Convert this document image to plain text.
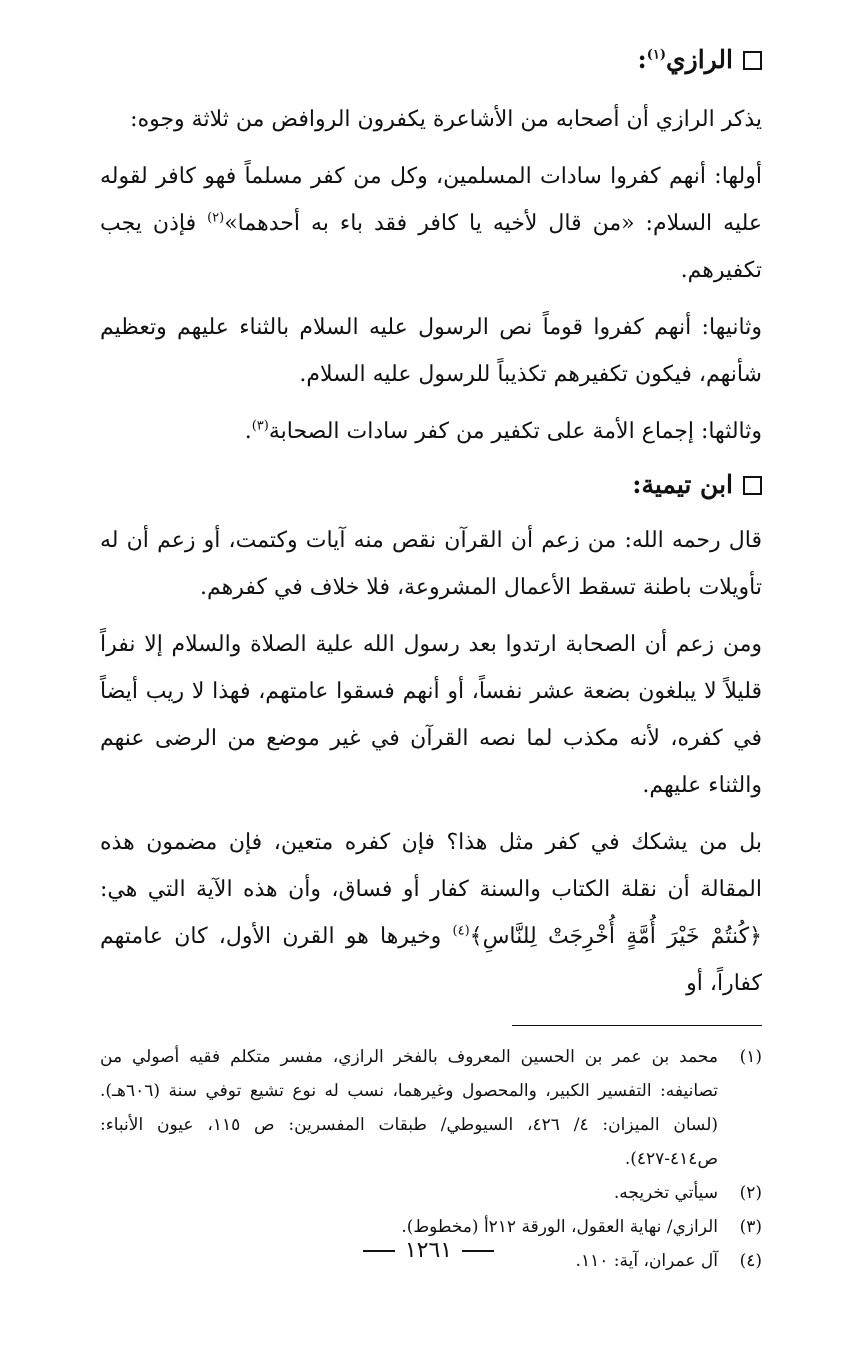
الرازي$^{(١)}$:

يذكر الرازي أن أصحابه من الأشاعرة يكفرون الروافض من ثلاثة وجوه:

أولها: أنهم كفروا سادات المسلمين، وكل من كفر مسلماً فهو كافر لقوله عليه السلام: «من قال لأخيه يا كافر فقد باء به أحدهما»$^{(٢)}$ فإذن يجب تكفيرهم.

وثانيها: أنهم كفروا قوماً نص الرسول عليه السلام بالثناء عليهم وتعظيم شأنهم، فيكون تكفيرهم تكذيباً للرسول عليه السلام.

وثالثها: إجماع الأمة على تكفير من كفر سادات الصحابة$^{(٣)}$.

ابن تيمية:

قال رحمه الله: من زعم أن القرآن نقص منه آيات وكتمت، أو زعم أن له تأويلات باطنة تسقط الأعمال المشروعة، فلا خلاف في كفرهم.

ومن زعم أن الصحابة ارتدوا بعد رسول الله علية الصلاة والسلام إلا نفراً قليلاً لا يبلغون بضعة عشر نفساً، أو أنهم فسقوا عامتهم، فهذا لا ريب أيضاً في كفره، لأنه مكذب لما نصه القرآن في غير موضع من الرضى عنهم والثناء عليهم.

بل من يشكك في كفر مثل هذا؟ فإن كفره متعين، فإن مضمون هذه المقالة أن نقلة الكتاب والسنة كفار أو فساق، وأن هذه الآية التي هي: ﴿كُنتُمْ خَيْرَ أُمَّةٍ أُخْرِجَتْ لِلنَّاسِ﴾$^{(٤)}$ وخيرها هو القرن الأول، كان عامتهم كفاراً، أو

(١)
محمد بن عمر بن الحسين المعروف بالفخر الرازي، مفسر متكلم فقيه أصولي من تصانيفه: التفسير الكبير، والمحصول وغيرهما، نسب له نوع تشيع توفي سنة (٦٠٦هـ). (لسان الميزان: ٤/ ٤٢٦، السيوطي/ طبقات المفسرين: ص ١١٥، عيون الأنباء: ص٤١٤-٤٢٧).
(٢)
سيأتي تخريجه.
(٣)
الرازي/ نهاية العقول، الورقة ٢١٢أ (مخطوط).
(٤)
آل عمران، آية: ١١٠.
١٢٦١
